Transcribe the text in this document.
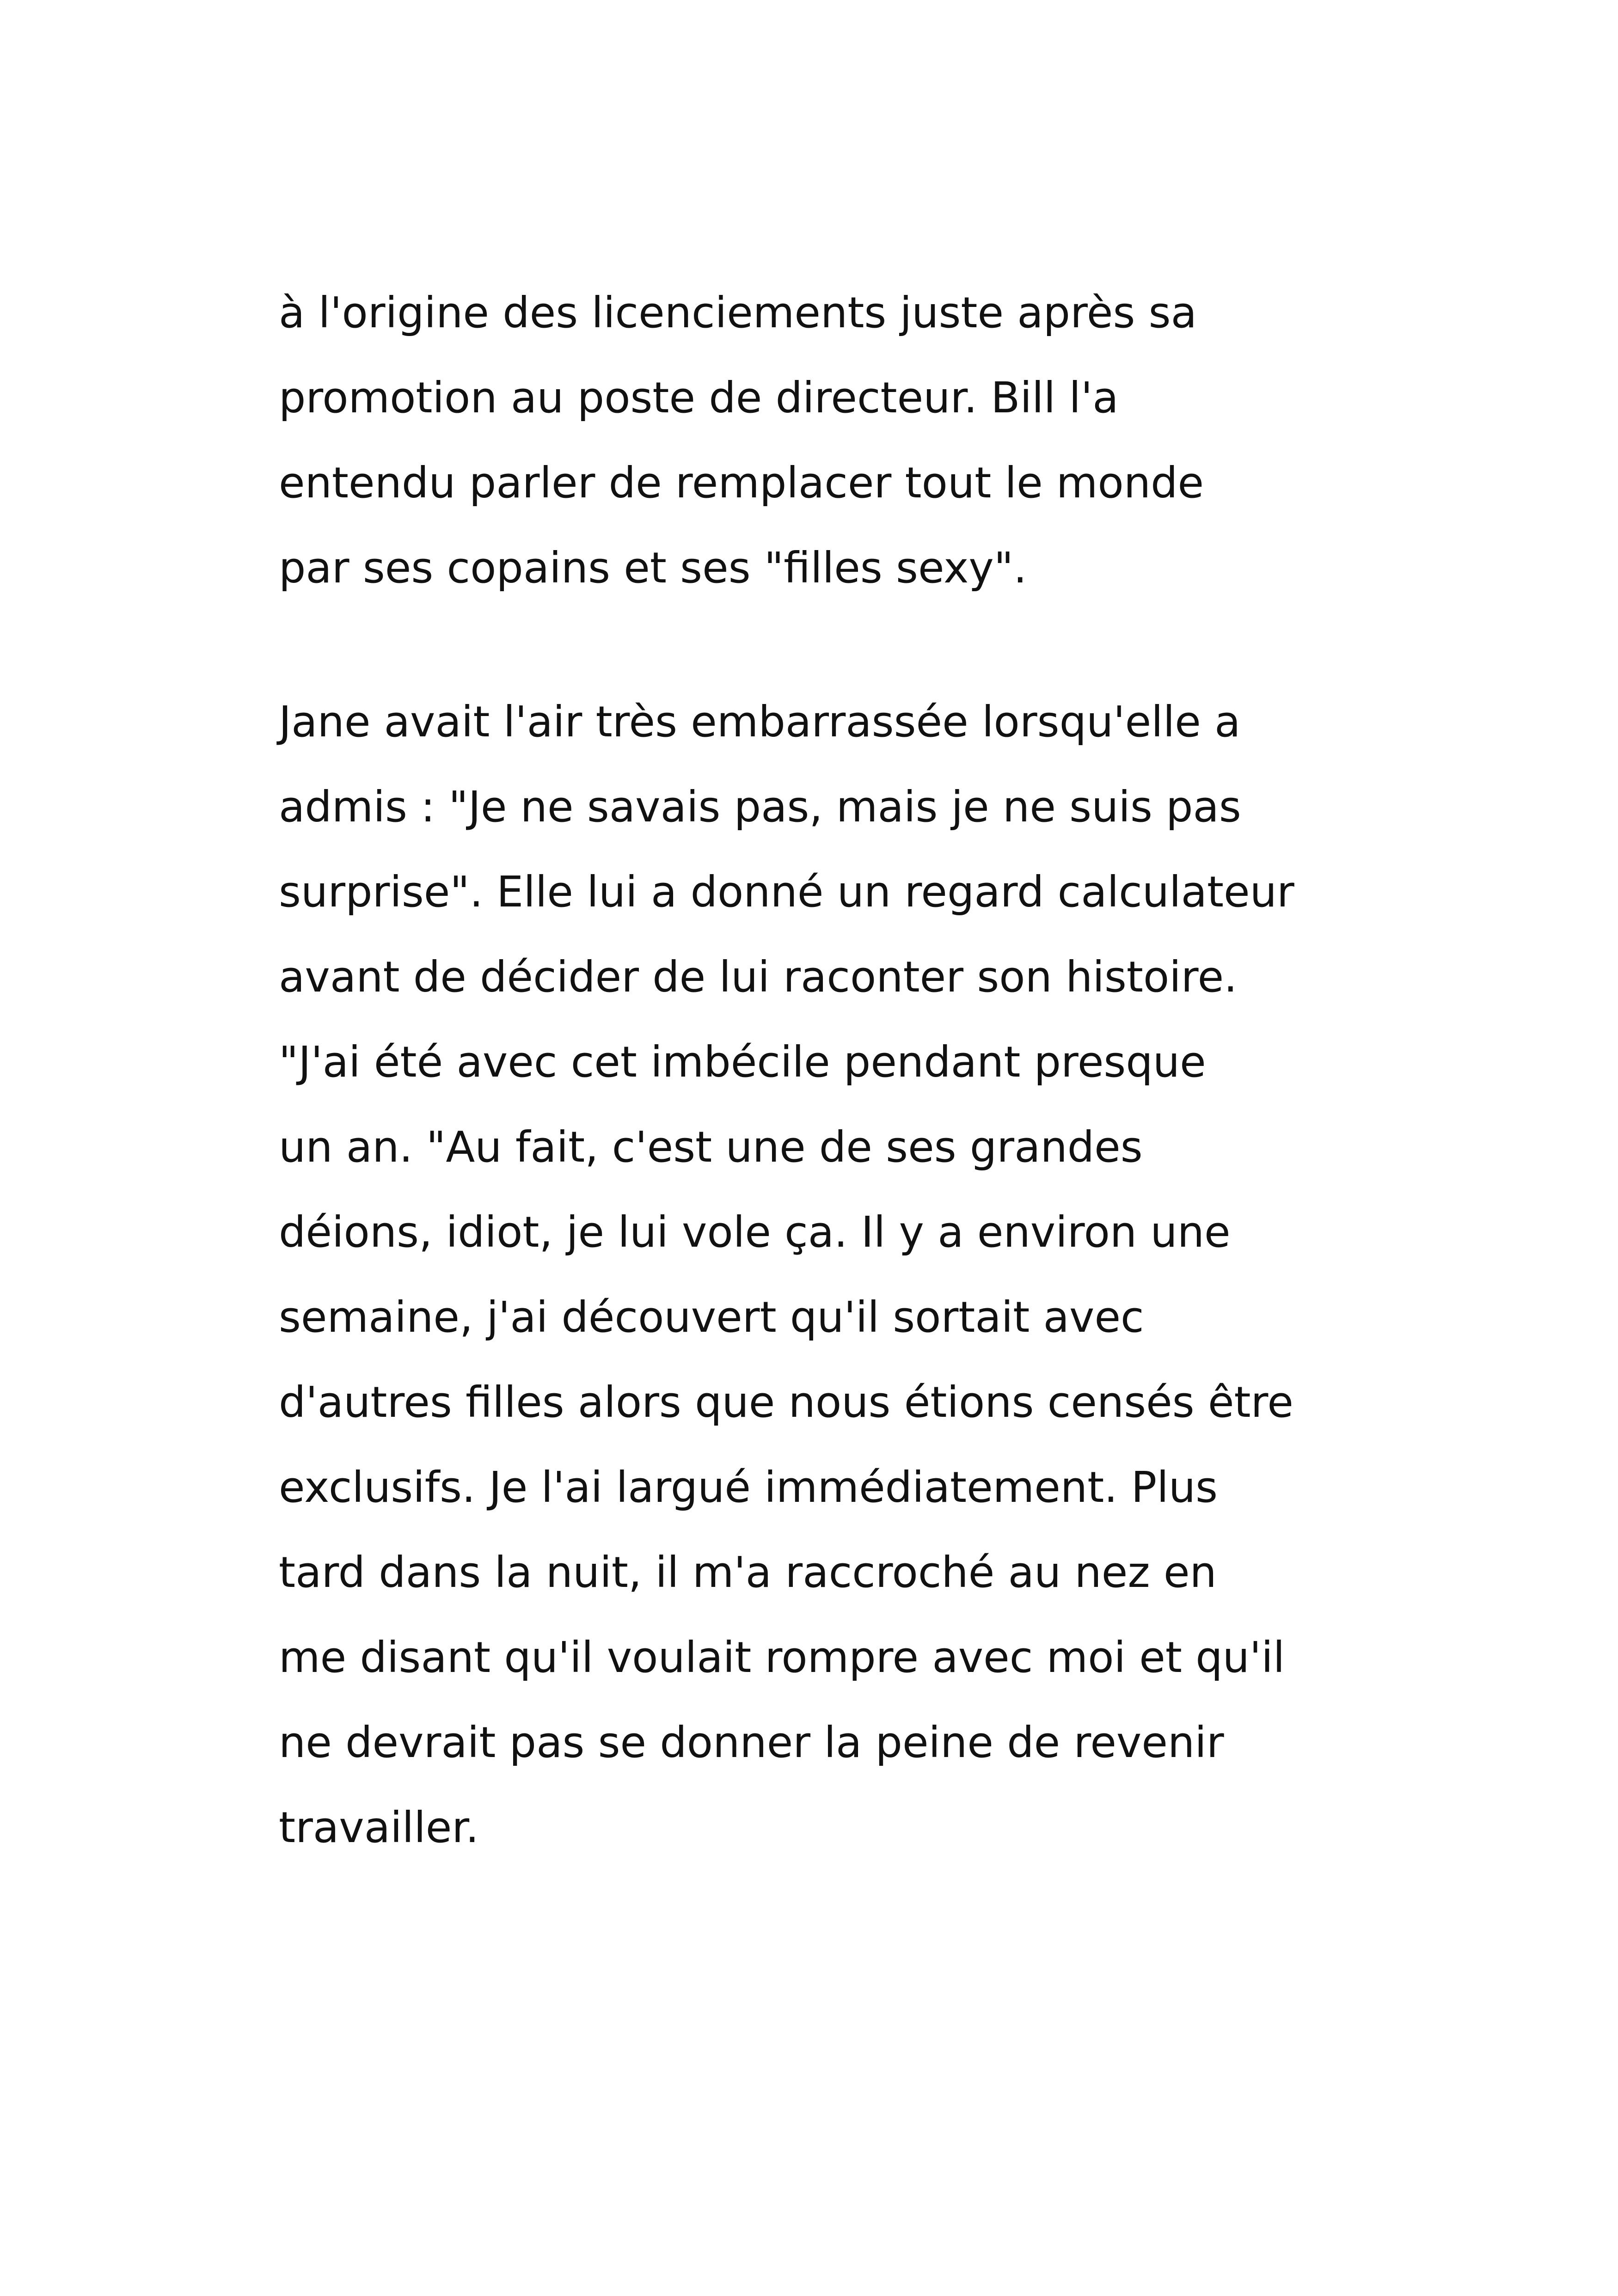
à l'origine des licenciements juste après sa
promotion au poste de directeur. Bill l'a
entendu parler de remplacer tout le monde
par ses copains et ses "filles sexy".

Jane avait l'air très embarrassée lorsqu'elle a
admis : "Je ne savais pas, mais je ne suis pas
surprise". Elle lui a donné un regard calculateur
avant de décider de lui raconter son histoire.
"J'ai été avec cet imbécile pendant presque
un an. "Au fait, c'est une de ses grandes
déions, idiot, je lui vole ça. Il y a environ une
semaine, j'ai découvert qu'il sortait avec
d'autres filles alors que nous étions censés être
exclusifs. Je l'ai largué immédiatement. Plus
tard dans la nuit, il m'a raccroché au nez en
me disant qu'il voulait rompre avec moi et qu'il
ne devrait pas se donner la peine de revenir
travailler.
